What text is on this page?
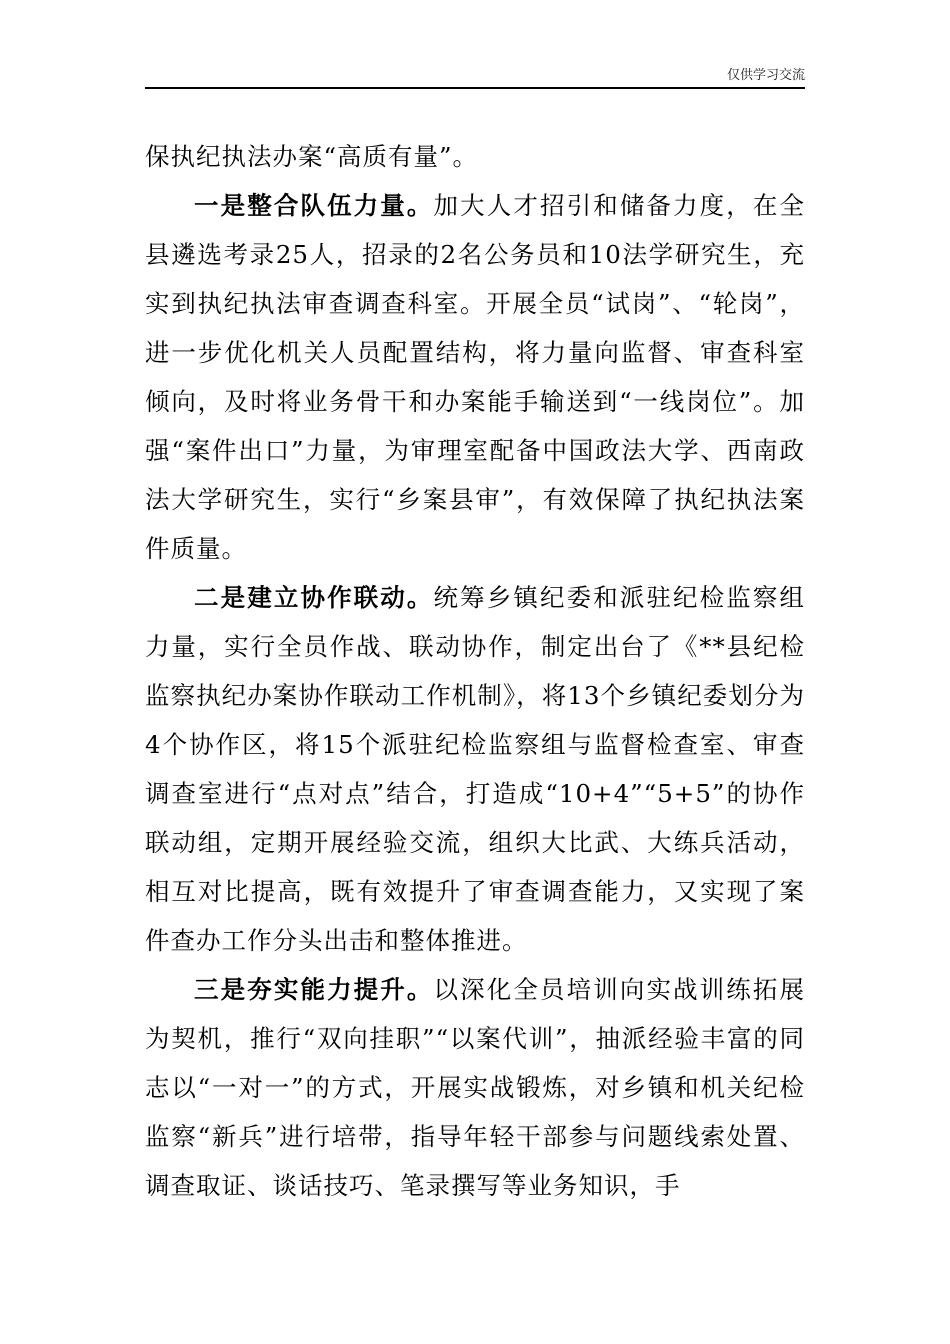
仅供学习交流

保执纪执法办案“高质有量”。

一是整合队伍力量。加大人才招引和储备力度，在全县遴选考录25人，招录的2名公务员和10法学研究生，充实到执纪执法审查调查科室。开展全员“试岗”、“轮岗”，进一步优化机关人员配置结构，将力量向监督、审查科室倾向，及时将业务骨干和办案能手输送到“一线岗位”。加强“案件出口”力量，为审理室配备中国政法大学、西南政法大学研究生，实行“乡案县审”，有效保障了执纪执法案件质量。

二是建立协作联动。统筹乡镇纪委和派驻纪检监察组力量，实行全员作战、联动协作，制定出台了《**县纪检监察执纪办案协作联动工作机制》，将13个乡镇纪委划分为4个协作区，将15个派驻纪检监察组与监督检查室、审查调查室进行“点对点”结合，打造成“10+4”“5+5”的协作联动组，定期开展经验交流，组织大比武、大练兵活动，相互对比提高，既有效提升了审查调查能力，又实现了案件查办工作分头出击和整体推进。

三是夯实能力提升。以深化全员培训向实战训练拓展为契机，推行“双向挂职”“以案代训”，抽派经验丰富的同志以“一对一”的方式，开展实战锻炼，对乡镇和机关纪检监察“新兵”进行培带，指导年轻干部参与问题线索处置、调查取证、谈话技巧、笔录撰写等业务知识，手
